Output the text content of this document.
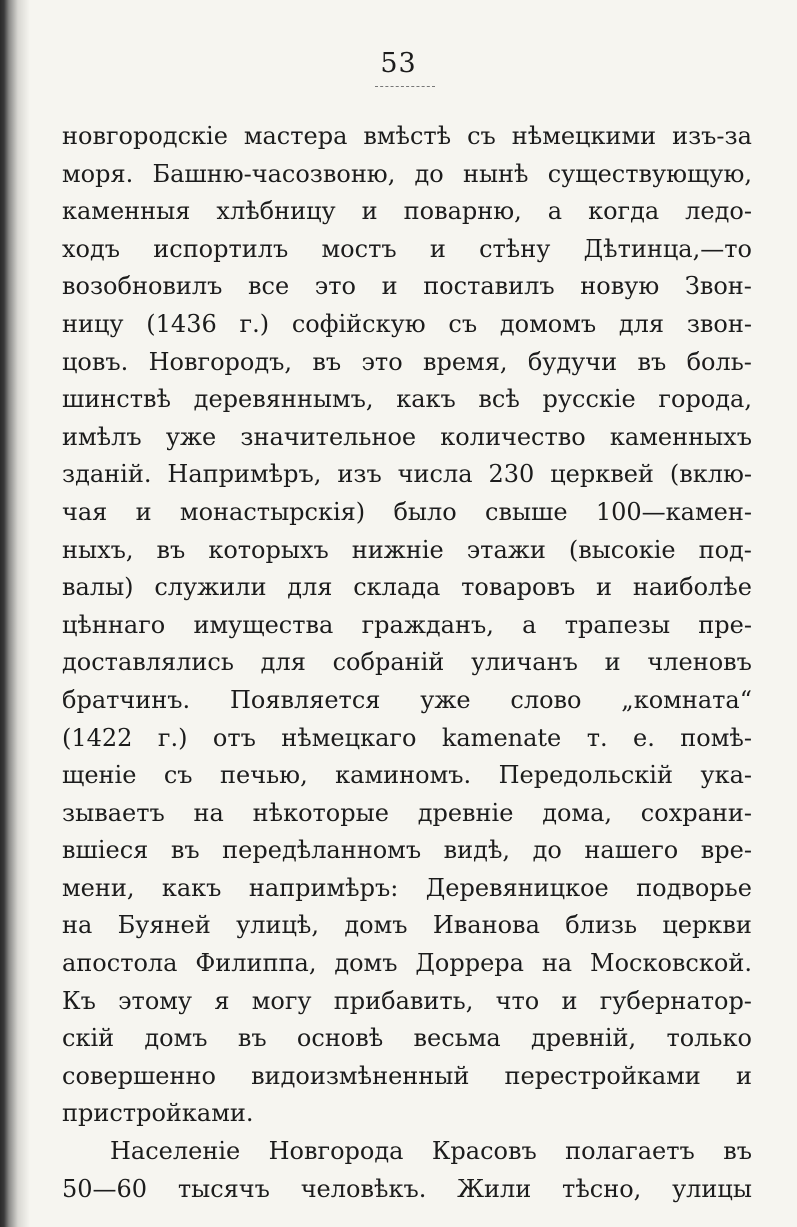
53
новгородскіе мастера вмѣстѣ съ нѣмецкими изъ-за
моря. Башню-часозвоню, до нынѣ существующую,
каменныя хлѣбницу и поварню, а когда ледо-
ходъ испортилъ мостъ и стѣну Дѣтинца,—то
возобновилъ все это и поставилъ новую Звон-
ницу (1436 г.) софійскую съ домомъ для звон-
цовъ. Новгородъ, въ это время, будучи въ боль-
шинствѣ деревяннымъ, какъ всѣ русскіе города,
имѣлъ уже значительное количество каменныхъ
зданій. Напримѣръ, изъ числа 230 церквей (вклю-
чая и монастырскія) было свыше 100—камен-
ныхъ, въ которыхъ нижніе этажи (высокіе под-
валы) служили для склада товаровъ и наиболѣе
цѣннаго имущества гражданъ, а трапезы пре-
доставлялись для собраній уличанъ и членовъ
братчинъ. Появляется уже слово „комната“
(1422 г.) отъ нѣмецкаго kamenate т. е. помѣ-
щеніе съ печью, каминомъ. Передольскій ука-
зываетъ на нѣкоторые древніе дома, сохрани-
вшіеся въ передѣланномъ видѣ, до нашего вре-
мени, какъ напримѣръ: Деревяницкое подворье
на Буяней улицѣ, домъ Иванова близь церкви
апостола Филиппа, домъ Доррера на Московской.
Къ этому я могу прибавить, что и губернатор-
скій домъ въ основѣ весьма древній, только
совершенно видоизмѣненный перестройками и
пристройками.
Населеніе Новгорода Красовъ полагаетъ въ
50—60 тысячъ человѣкъ. Жили тѣсно, улицы
